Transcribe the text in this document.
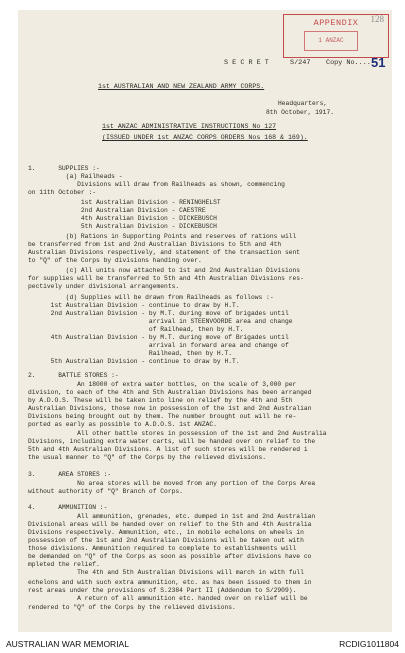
APPENDIX
1 ANZAC
128
S E C R E T	S/247 Copy No.... 51
1st AUSTRALIAN AND NEW ZEALAND ARMY CORPS.
Headquarters,
8th October, 1917.
1st ANZAC ADMINISTRATIVE INSTRUCTIONS No 127
(ISSUED UNDER 1st ANZAC CORPS ORDERS Nos 168 & 169).
1.      SUPPLIES :-
(a) Railheads -
Divisions will draw from Railheads as shown, commencing
on 11th October :-
1st Australian Division - RENINGHELST
2nd Australian Division - CAESTRE
4th Australian Division - DICKEBUSCH
5th Australian Division - DICKEBUSCH
(b) Rations in Supporting Points and reserves of rations will
be transferred from 1st and 2nd Australian Divisions to 5th and 4th
Australian Divisions respectively, and statement of the transaction sent
to "Q" of the Corps by divisions handing over.
(c) All units now attached to 1st and 2nd Australian Divisions
for supplies will be transferred to 5th and 4th Australian Divisions res-
pectively under divisional arrangements.
(d) Supplies will be drawn from Railheads as follows :-
1st Australian Division - continue to draw by H.T.
2nd Australian Division - by M.T. during move of brigades until
arrival in STEENVOORDE area and change
of Railhead, then by H.T.
4th Australian Division - by M.T. during move of Brigades until
arrival in forward area and change of
Railhead, then by H.T.
5th Australian Division - continue to draw by H.T.
2.      BATTLE STORES :-
An 18000 of extra water bottles, on the scale of 3,000 per
division, to each of the 4th and 5th Australian Divisions has been arranged
by A.D.O.S. These will be taken into line on relief by the 4th and 5th
Australian Divisions, those now in possession of the 1st and 2nd Australian
Divisions being brought out by them. The number brought out will be re-
ported as early as possible to A.D.O.S. 1st ANZAC.
All other battle stores in possession of the 1st and 2nd Australia
Divisions, including extra water carts, will be handed over on relief to the
5th and 4th Australian Divisions. A list of such stores will be rendered i
the usual manner to "Q" of the Corps by the relieved divisions.
3.      AREA STORES :-
No area stores will be moved from any portion of the Corps Area
without authority of "Q" Branch of Corps.
4.      AMMUNITION :-
All ammunition, grenades, etc. dumped in 1st and 2nd Australian
Divisional areas will be handed over on relief to the 5th and 4th Australia
Divisions respectively. Ammunition, etc., in mobile echelons on wheels in
possession of the 1st and 2nd Australian Divisions will be taken out with
those divisions. Ammunition required to complete to establishments will
be demanded on "Q" of the Corps as soon as possible after divisions have co
mpleted the relief.
The 4th and 5th Australian Divisions will march in with full
echelons and with such extra ammunition, etc. as has been issued to them in
rest areas under the provisions of S.2384 Part II (Addendum to S/2909).
A return of all ammunition etc. handed over on relief will be
rendered to "Q" of the Corps by the relieved divisions.
AUSTRALIAN WAR MEMORIAL	RCDIG1011804
